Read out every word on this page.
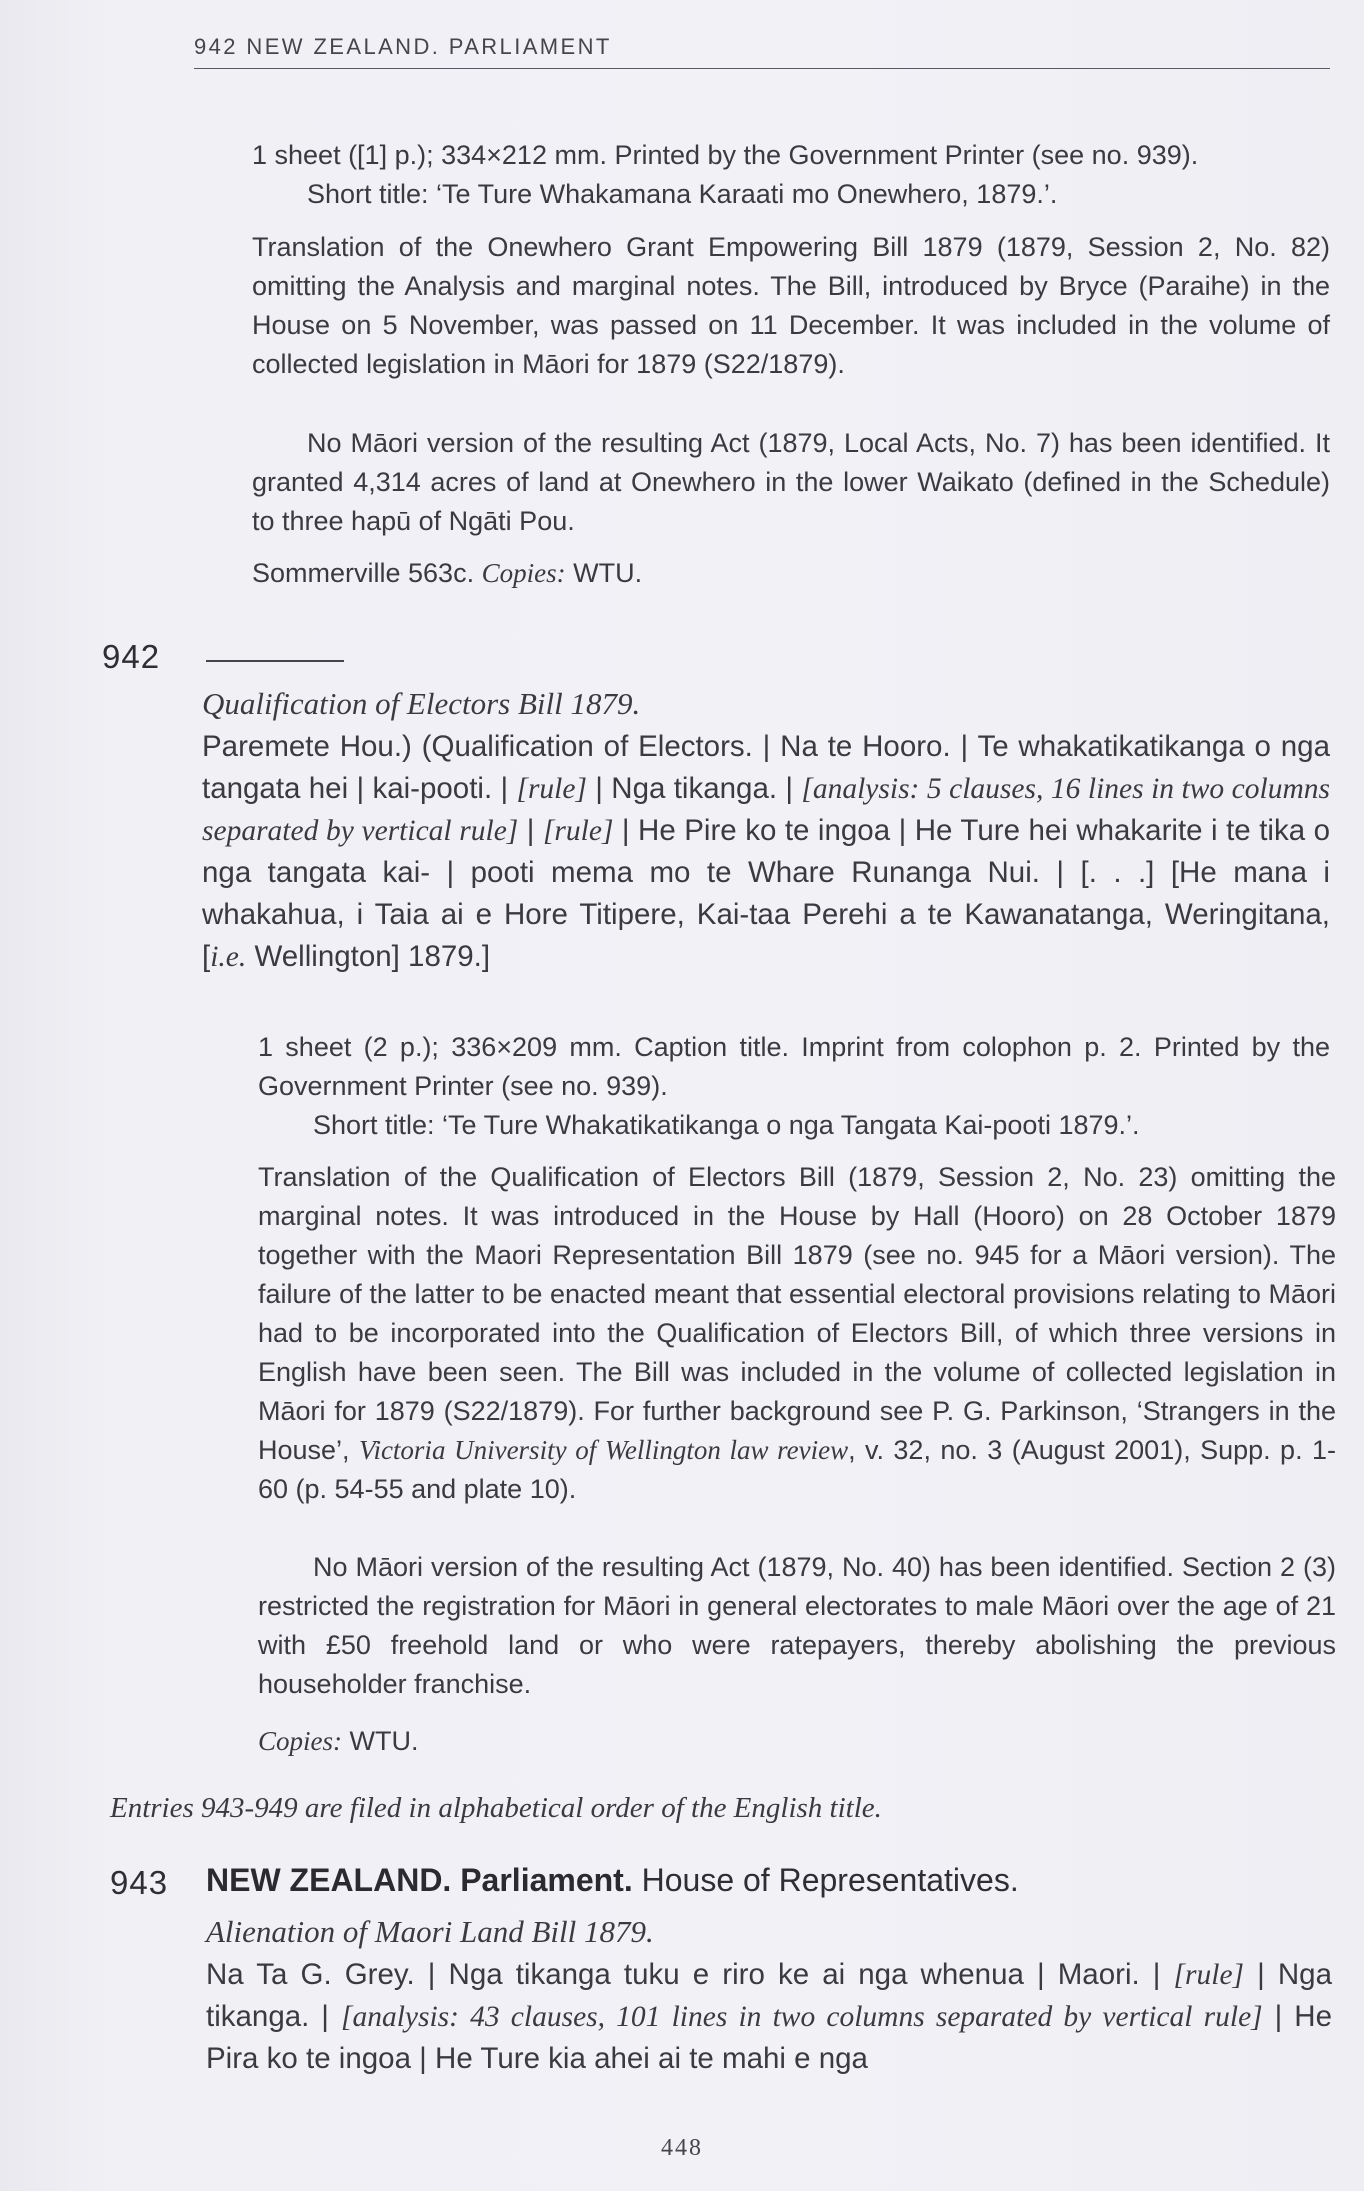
942 NEW ZEALAND. PARLIAMENT

1 sheet ([1] p.); 334×212 mm. Printed by the Government Printer (see no. 939).
Short title: ‘Te Ture Whakamana Karaati mo Onewhero, 1879.’.

Translation of the Onewhero Grant Empowering Bill 1879 (1879, Session 2, No. 82) omitting the Analysis and marginal notes. The Bill, introduced by Bryce (Paraihe) in the House on 5 November, was passed on 11 December. It was included in the volume of collected legislation in Māori for 1879 (S22/1879).

No Māori version of the resulting Act (1879, Local Acts, No. 7) has been identified. It granted 4,314 acres of land at Onewhero in the lower Waikato (defined in the Schedule) to three hapū of Ngāti Pou.

Sommerville 563c. Copies: WTU.

942
Qualification of Electors Bill 1879.

Paremete Hou.) (Qualification of Electors. | Na te Hooro. | Te whakatikatikanga o nga tangata hei | kai-pooti. | [rule] | Nga tikanga. | [analysis: 5 clauses, 16 lines in two columns separated by vertical rule] | [rule] | He Pire ko te ingoa | He Ture hei whakarite i te tika o nga tangata kai- | pooti mema mo te Whare Runanga Nui. | [. . .] [He mana i whakahua, i Taia ai e Hore Titipere, Kai-taa Perehi a te Kawanatanga, Weringitana, [i.e. Wellington] 1879.]

1 sheet (2 p.); 336×209 mm. Caption title. Imprint from colophon p. 2. Printed by the Government Printer (see no. 939).
Short title: ‘Te Ture Whakatikatikanga o nga Tangata Kai-pooti 1879.’.

Translation of the Qualification of Electors Bill (1879, Session 2, No. 23) omitting the marginal notes. It was introduced in the House by Hall (Hooro) on 28 October 1879 together with the Maori Representation Bill 1879 (see no. 945 for a Māori version). The failure of the latter to be enacted meant that essential electoral provisions relating to Māori had to be incorporated into the Qualification of Electors Bill, of which three versions in English have been seen. The Bill was included in the volume of collected legislation in Māori for 1879 (S22/1879). For further background see P. G. Parkinson, ‘Strangers in the House’, Victoria University of Wellington law review, v. 32, no. 3 (August 2001), Supp. p. 1-60 (p. 54-55 and plate 10).

No Māori version of the resulting Act (1879, No. 40) has been identified. Section 2 (3) restricted the registration for Māori in general electorates to male Māori over the age of 21 with £50 freehold land or who were ratepayers, thereby abolishing the previous householder franchise.

Copies: WTU.

Entries 943-949 are filed in alphabetical order of the English title.
943 NEW ZEALAND. Parliament. House of Representatives.
Alienation of Maori Land Bill 1879.

Na Ta G. Grey. | Nga tikanga tuku e riro ke ai nga whenua | Maori. | [rule] | Nga tikanga. | [analysis: 43 clauses, 101 lines in two columns separated by vertical rule] | He Pira ko te ingoa | He Ture kia ahei ai te mahi e nga

448
